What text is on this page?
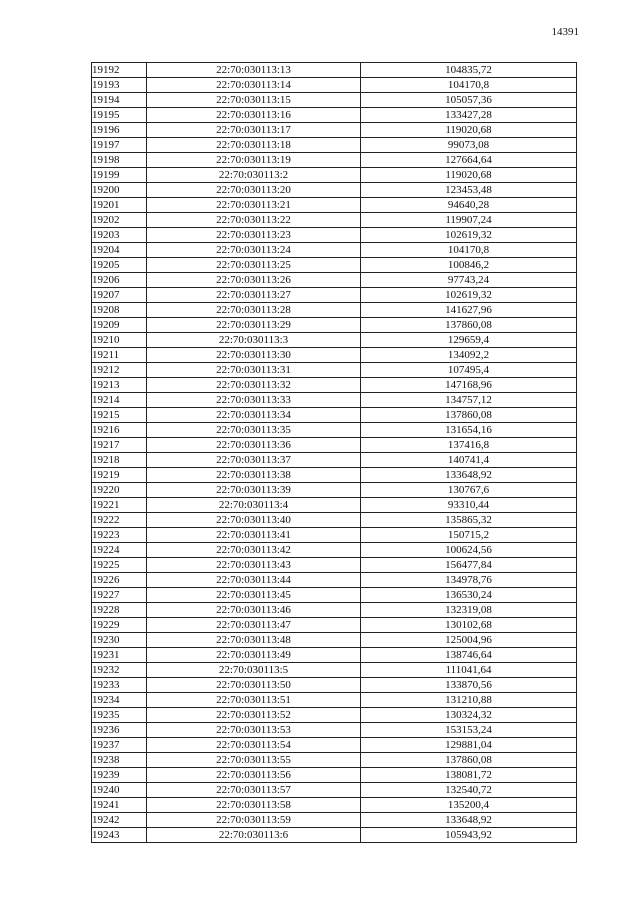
14391
19192	22:70:030113:13	104835,72
19193	22:70:030113:14	104170,8
19194	22:70:030113:15	105057,36
19195	22:70:030113:16	133427,28
19196	22:70:030113:17	119020,68
19197	22:70:030113:18	99073,08
19198	22:70:030113:19	127664,64
19199	22:70:030113:2	119020,68
19200	22:70:030113:20	123453,48
19201	22:70:030113:21	94640,28
19202	22:70:030113:22	119907,24
19203	22:70:030113:23	102619,32
19204	22:70:030113:24	104170,8
19205	22:70:030113:25	100846,2
19206	22:70:030113:26	97743,24
19207	22:70:030113:27	102619,32
19208	22:70:030113:28	141627,96
19209	22:70:030113:29	137860,08
19210	22:70:030113:3	129659,4
19211	22:70:030113:30	134092,2
19212	22:70:030113:31	107495,4
19213	22:70:030113:32	147168,96
19214	22:70:030113:33	134757,12
19215	22:70:030113:34	137860,08
19216	22:70:030113:35	131654,16
19217	22:70:030113:36	137416,8
19218	22:70:030113:37	140741,4
19219	22:70:030113:38	133648,92
19220	22:70:030113:39	130767,6
19221	22:70:030113:4	93310,44
19222	22:70:030113:40	135865,32
19223	22:70:030113:41	150715,2
19224	22:70:030113:42	100624,56
19225	22:70:030113:43	156477,84
19226	22:70:030113:44	134978,76
19227	22:70:030113:45	136530,24
19228	22:70:030113:46	132319,08
19229	22:70:030113:47	130102,68
19230	22:70:030113:48	125004,96
19231	22:70:030113:49	138746,64
19232	22:70:030113:5	111041,64
19233	22:70:030113:50	133870,56
19234	22:70:030113:51	131210,88
19235	22:70:030113:52	130324,32
19236	22:70:030113:53	153153,24
19237	22:70:030113:54	129881,04
19238	22:70:030113:55	137860,08
19239	22:70:030113:56	138081,72
19240	22:70:030113:57	132540,72
19241	22:70:030113:58	135200,4
19242	22:70:030113:59	133648,92
19243	22:70:030113:6	105943,92
